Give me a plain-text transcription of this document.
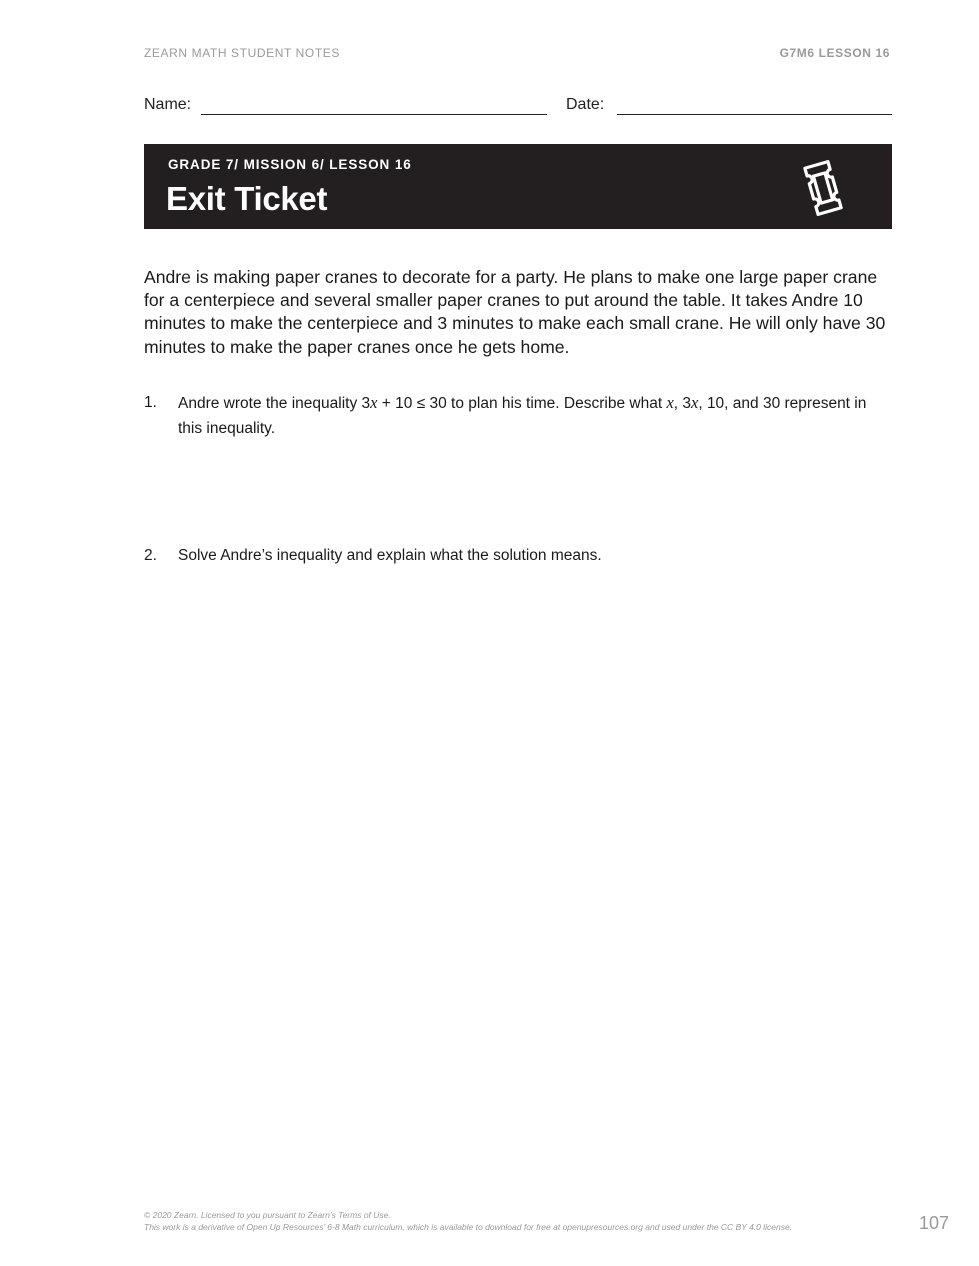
ZEARN MATH STUDENT NOTES	G7M6 LESSON 16
Name:	Date:
GRADE 7/ MISSION 6/ LESSON 16
Exit Ticket

Andre is making paper cranes to decorate for a party. He plans to make one large paper crane for a centerpiece and several smaller paper cranes to put around the table. It takes Andre 10 minutes to make the centerpiece and 3 minutes to make each small crane. He will only have 30 minutes to make the paper cranes once he gets home.

1. Andre wrote the inequality 3x + 10 ≤ 30 to plan his time. Describe what x, 3x, 10, and 30 represent in this inequality.
2. Solve Andre’s inequality and explain what the solution means.
© 2020 Zearn. Licensed to you pursuant to Zearn’s Terms of Use.
This work is a derivative of Open Up Resources’ 6-8 Math curriculum, which is available to download for free at openupresources.org and used under the CC BY 4.0 license.	107
